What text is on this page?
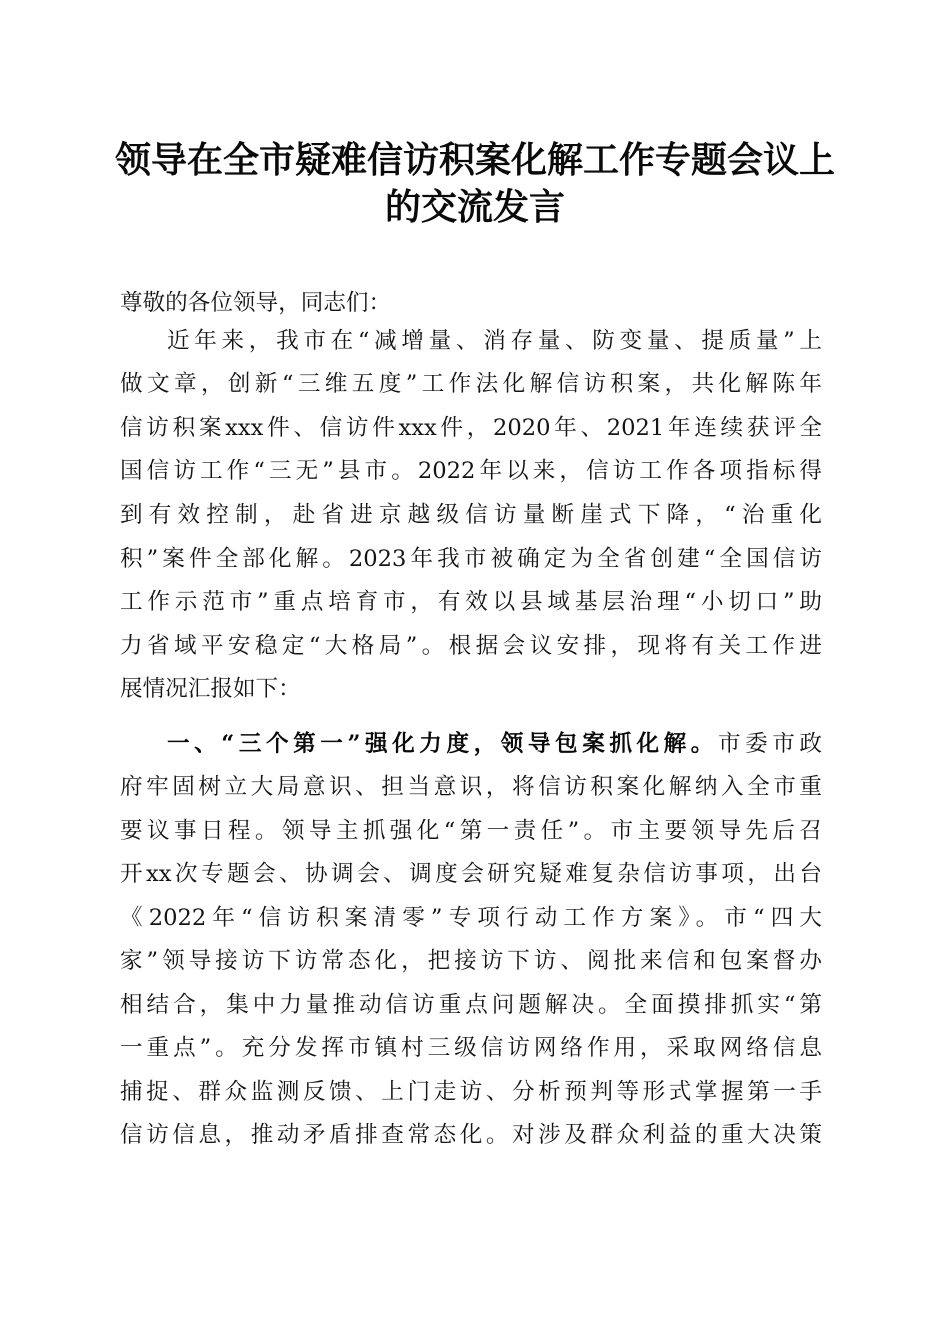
领导在全市疑难信访积案化解工作专题会议上
的交流发言
尊敬的各位领导，同志们：
近年来，我市在“减增量、消存量、防变量、提质量”上
做文章，创新“三维五度”工作法化解信访积案，共化解陈年
信访积案xxx件、信访件xxx件，2020年、2021年连续获评全
国信访工作“三无”县市。2022年以来，信访工作各项指标得
到有效控制，赴省进京越级信访量断崖式下降，“治重化
积”案件全部化解。2023年我市被确定为全省创建“全国信访
工作示范市”重点培育市，有效以县域基层治理“小切口”助
力省域平安稳定“大格局”。根据会议安排，现将有关工作进
展情况汇报如下：
一、“三个第一”强化力度，领导包案抓化解。市委市政
府牢固树立大局意识、担当意识，将信访积案化解纳入全市重
要议事日程。领导主抓强化“第一责任”。市主要领导先后召
开xx次专题会、协调会、调度会研究疑难复杂信访事项，出台
《2022年“信访积案清零”专项行动工作方案》。市“四大
家”领导接访下访常态化，把接访下访、阅批来信和包案督办
相结合，集中力量推动信访重点问题解决。全面摸排抓实“第
一重点”。充分发挥市镇村三级信访网络作用，采取网络信息
捕捉、群众监测反馈、上门走访、分析预判等形式掌握第一手
信访信息，推动矛盾排查常态化。对涉及群众利益的重大决策
